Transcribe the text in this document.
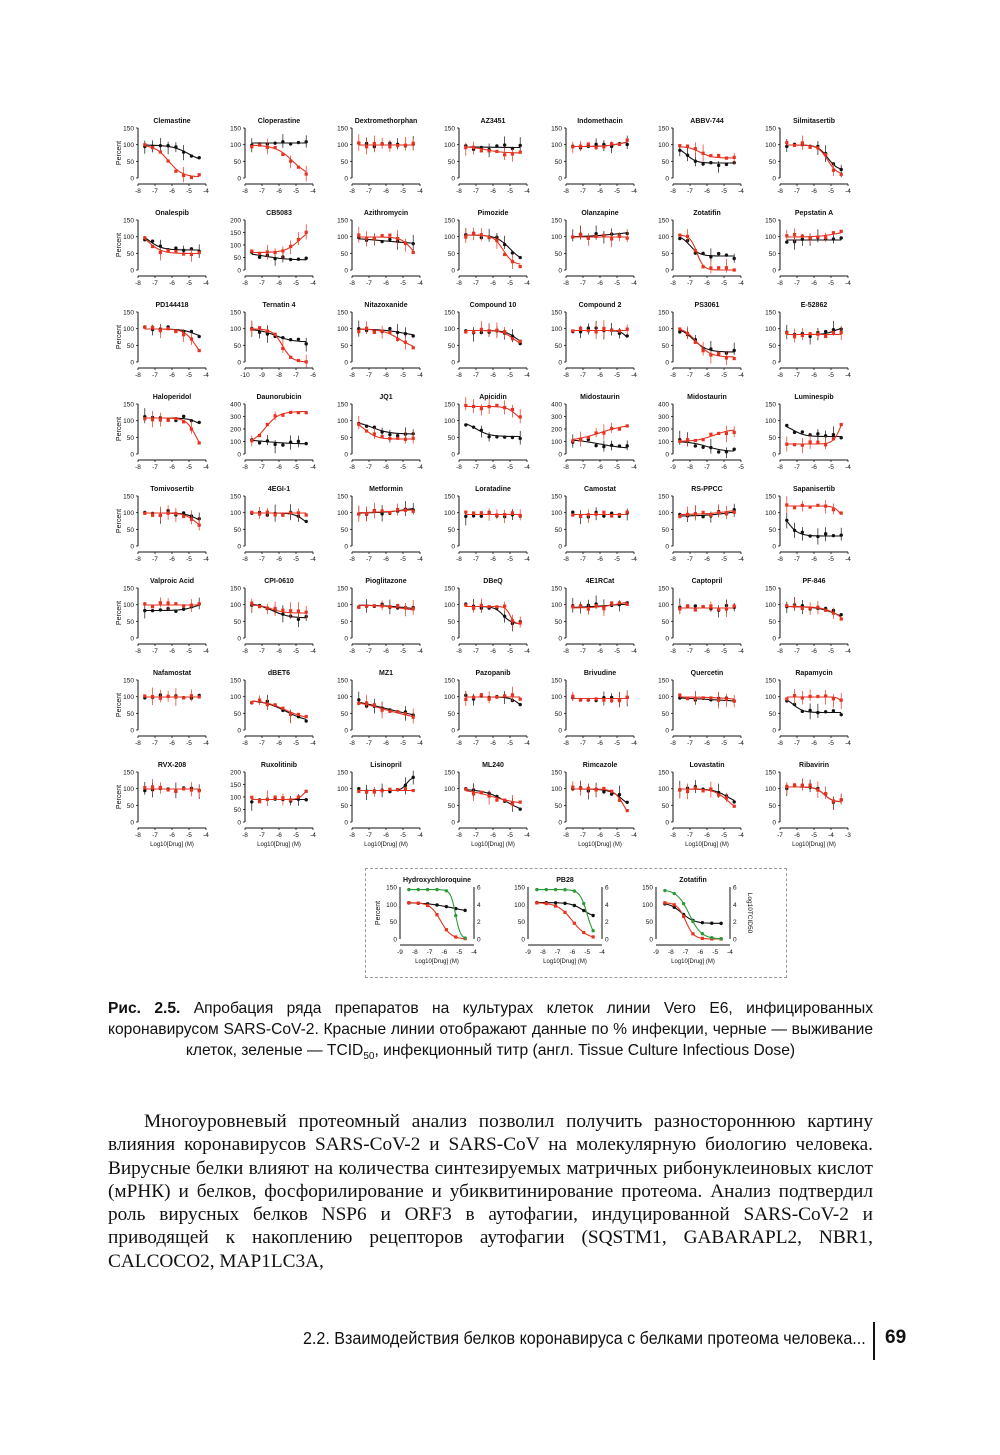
Clemastine
150
100
50
0
-8 -7 -6 -5 -4
Percent
Cloperastine
150
100
50
0
-8 -7 -6 -5 -4
Dextromethorphan
150
100
50
0
-8 -7 -6 -5 -4
AZ3451
150
100
50
0
-8 -7 -6 -5 -4
Indomethacin
150
100
50
0
-8 -7 -6 -5 -4
ABBV-744
150
100
50
0
-8 -7 -6 -5 -4
Silmitasertib
150
100
50
0
-8 -7 -6 -5 -4
Onalespib
150
100
50
0
-8 -7 -6 -5 -4
Percent
CB5083
200
150
100
50
0
-8 -7 -6 -5 -4
Azithromycin
150
100
50
0
-8 -7 -6 -5 -4
Pimozide
150
100
50
0
-8 -7 -6 -5 -4
Olanzapine
150
100
50
0
-8 -7 -6 -5 -4
Zotatifin
150
100
50
0
-8 -7 -6 -5 -4
Pepstatin A
150
100
50
0
-8 -7 -6 -5 -4
PD144418
150
100
50
0
-8 -7 -6 -5 -4
Percent
Ternatin 4
150
100
50
0
-10 -9 -8 -7 -6
Nitazoxanide
150
100
50
0
-8 -7 -6 -5 -4
Compound 10
150
100
50
0
-8 -7 -6 -5 -4
Compound 2
150
100
50
0
-8 -7 -6 -5 -4
PS3061
150
100
50
0
-8 -7 -6 -5 -4
E-52862
150
100
50
0
-8 -7 -6 -5 -4
Haloperidol
150
100
50
0
-8 -7 -6 -5 -4
Percent
Daunorubicin
400
300
200
100
0
-8 -7 -6 -5 -4
JQ1
150
100
50
0
-8 -7 -6 -5 -4
Apicidin
150
100
50
0
-8 -7 -6 -5 -4
Midostaurin
400
300
200
100
0
-8 -7 -6 -5 -4
Midostaurin
400
300
200
100
0
-9 -8 -7 -6 -5
Luminespib
150
100
50
0
-8 -7 -6 -5 -4
Tomivosertib
150
100
50
0
-8 -7 -6 -5 -4
Percent
4EGI-1
150
100
50
0
-8 -7 -6 -5 -4
Metformin
150
100
50
0
-8 -7 -6 -5 -4
Loratadine
150
100
50
0
-8 -7 -6 -5 -4
Camostat
150
100
50
0
-8 -7 -6 -5 -4
RS-PPCC
150
100
50
0
-8 -7 -6 -5 -4
Sapanisertib
150
100
50
0
-8 -7 -6 -5 -4
Valproic Acid
150
100
50
0
-8 -7 -6 -5 -4
Percent
CPI-0610
150
100
50
0
-8 -7 -6 -5 -4
Pioglitazone
150
100
50
0
-8 -7 -6 -5 -4
DBeQ
150
100
50
0
-8 -7 -6 -5 -4
4E1RCat
150
100
50
0
-8 -7 -6 -5 -4
Captopril
150
100
50
0
-8 -7 -6 -5 -4
PF-846
150
100
50
0
-8 -7 -6 -5 -4
Nafamostat
150
100
50
0
-8 -7 -6 -5 -4
Percent
dBET6
150
100
50
0
-8 -7 -6 -5 -4
MZ1
150
100
50
0
-8 -7 -6 -5 -4
Pazopanib
150
100
50
0
-8 -7 -6 -5 -4
Brivudine
150
100
50
0
-8 -7 -6 -5 -4
Quercetin
150
100
50
0
-8 -7 -6 -5 -4
Rapamycin
150
100
50
0
-8 -7 -6 -5 -4
RVX-208
150
100
50
0
-8 -7 -6 -5 -4
Percent
Log10[Drug] (M)
Ruxolitinib
200
150
100
50
0
-8 -7 -6 -5 -4
Log10[Drug] (M)
Lisinopril
150
100
50
0
-8 -7 -6 -5 -4
Log10[Drug] (M)
ML240
150
100
50
0
-8 -7 -6 -5 -4
Log10[Drug] (M)
Rimcazole
150
100
50
0
-8 -7 -6 -5 -4
Log10[Drug] (M)
Lovastatin
150
100
50
0
-8 -7 -6 -5 -4
Log10[Drug] (M)
Ribavirin
150
100
50
0
-7 -6 -5 -4 -3
Log10[Drug] (M)
Hydroxychloroquine
150
100
50
0
6
4
2
0
-9 -8 -7 -6 -5 -4
Log10[Drug] (M)
Percent
PB28
150
100
50
0
6
4
2
0
-9 -8 -7 -6 -5 -4
Log10[Drug] (M)
Zotatifin
150
100
50
0
6
4
2
0
-9 -8 -7 -6 -5 -4
Log10[Drug] (M)
Log10TCID50
Рис. 2.5. Апробация ряда препаратов на культурах клеток линии Vero E6, инфицированных коронавирусом SARS-CoV-2. Красные линии отображают данные по % инфекции, черные — выживание клеток, зеленые — $TCID_{50}$, инфекционный титр (англ. Tissue Culture Infectious Dose)

Многоуровневый протеомный анализ позволил получить разностороннюю картину влияния коронавирусов SARS-CoV-2 и SARS-CoV на молекулярную биологию человека. Вирусные белки влияют на количества синтезируемых матричных рибонуклеиновых кислот (мРНК) и белков, фосфорилирование и убиквитинирование протеома. Анализ подтвердил роль вирусных белков NSP6 и ORF3 в аутофагии, индуцированной SARS-CoV-2 и приводящей к накоплению рецепторов аутофагии (SQSTM1, GABARAPL2, NBR1, CALCOCO2, MAP1LC3A,

2.2. Взаимодействия белков коронавируса с белками протеома человека... 69
